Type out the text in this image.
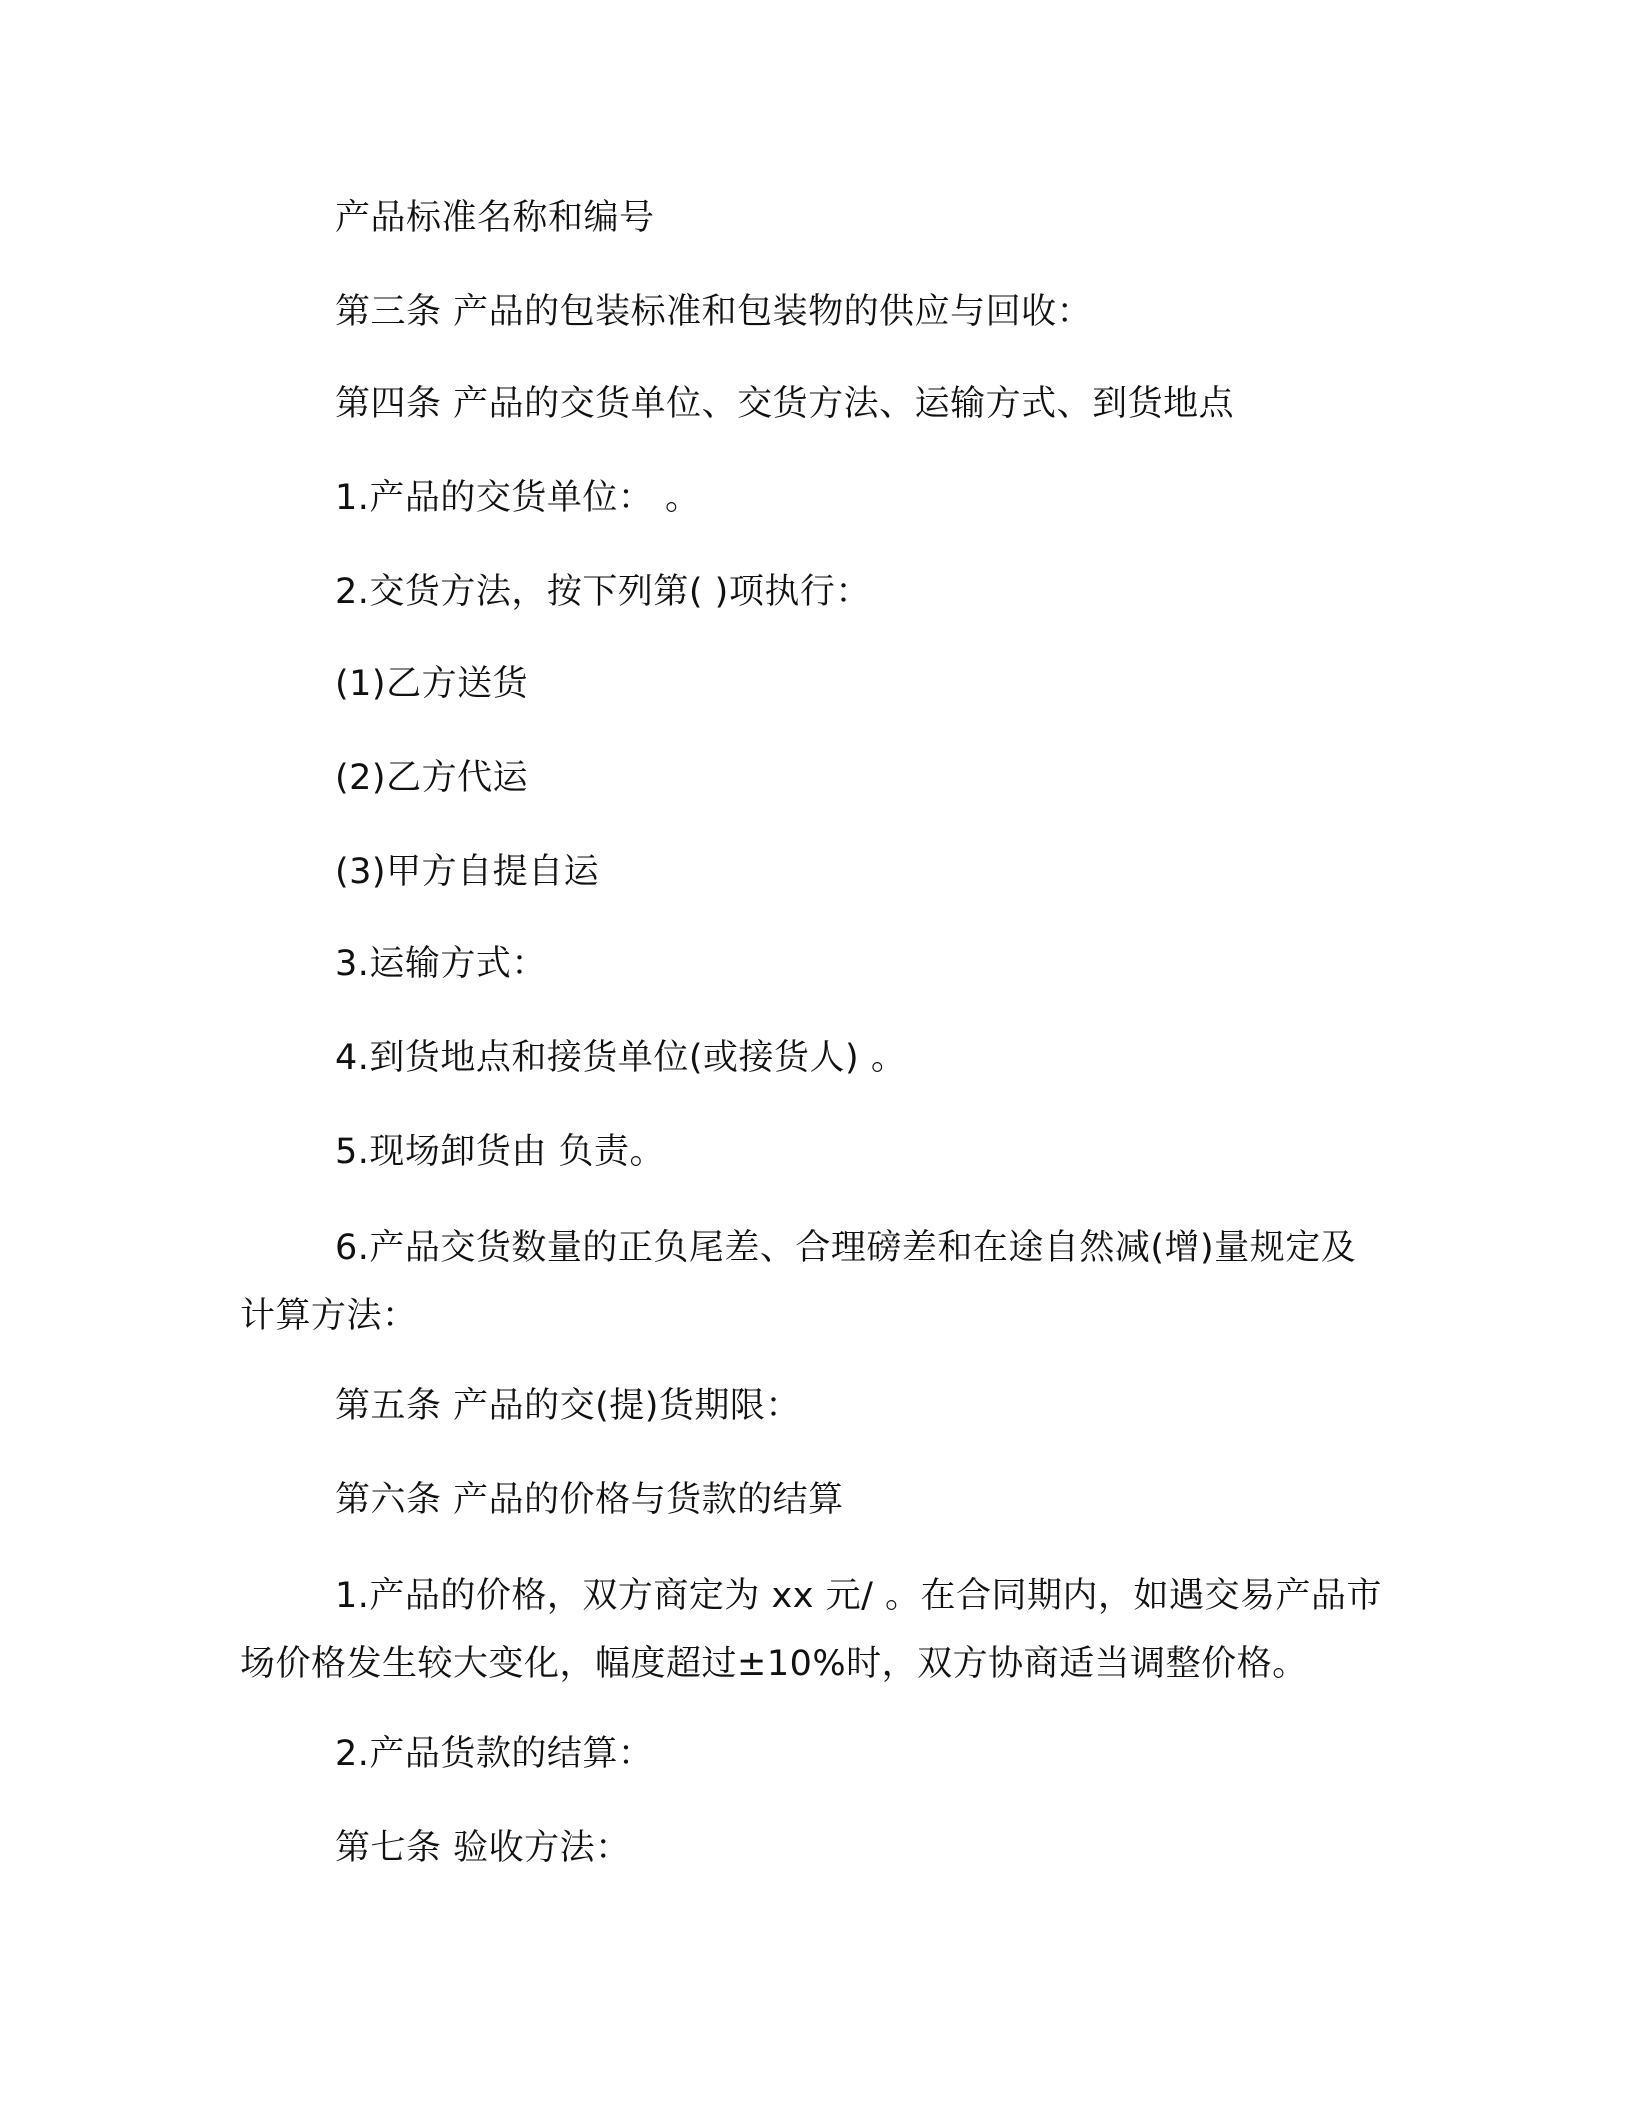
产品标准名称和编号
第三条 产品的包装标准和包装物的供应与回收：
第四条 产品的交货单位、交货方法、运输方式、到货地点
1.产品的交货单位： 。
2.交货方法，按下列第( )项执行：
(1)乙方送货
(2)乙方代运
(3)甲方自提自运
3.运输方式：
4.到货地点和接货单位(或接货人) 。
5.现场卸货由 负责。
6.产品交货数量的正负尾差、合理磅差和在途自然减(增)量规定及计算方法：
第五条 产品的交(提)货期限：
第六条 产品的价格与货款的结算
1.产品的价格，双方商定为 xx 元/ 。在合同期内，如遇交易产品市场价格发生较大变化，幅度超过±10%时，双方协商适当调整价格。
2.产品货款的结算：
第七条 验收方法：
